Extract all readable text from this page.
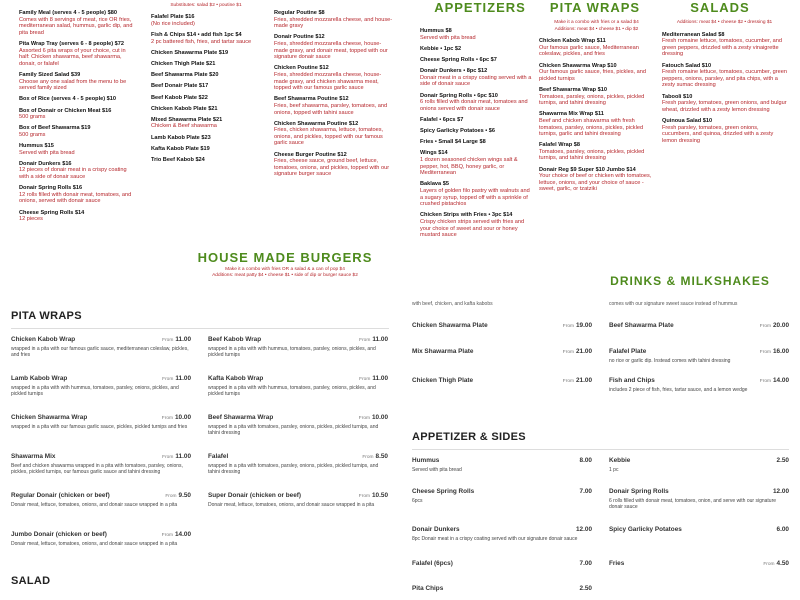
Family Meal (serves 4 - 5 people) $80
Comes with 8 servings of meat, rice OR fries, mediterranean salad, hummus, garlic dip, and pita bread
Pita Wrap Tray (serves 6 - 8 people) $72
Assorted 6 pita wraps of your choice, cut in half: Chicken shawarma, beef shawarma, donair, or falafel
Family Sized Salad $39
Choose any one salad from the menu to be served family sized
Box of Rice (serves 4 - 5 people) $10
Box of Donair or Chicken Meat $16
500 grams
Box of Beef Shawarma $19
500 grams
Hummus $15
Served with pita bread
Donair Dunkers $16
12 pieces of donair meat in a crispy coating with a side of donair sauce
Donair Spring Rolls $16
12 rolls filled with donair meat, tomatoes, and onions, served with donair sauce
Cheese Spring Rolls $14
12 pieces
Substitutes: salad $2 • poutine $1
Falafel Plate $16
(No rice included)
Fish & Chips $14 • add fish 1pc $4
2 pc battered fish, fries, and tartar sauce
Chicken Shawarma Plate $19
Chicken Thigh Plate $21
Beef Shawarma Plate $20
Beef Donair Plate $17
Beef Kabob Plate $22
Chicken Kabob Plate $21
Mixed Shawarma Plate $21
Chicken & Beef shawarma
Lamb Kabob Plate $23
Kafta Kabob Plate $19
Trio Beef Kabob $24
Regular Poutine $8
Fries, shredded mozzarella cheese, and house-made gravy
Donair Poutine $12
Fries, shredded mozzarella cheese, house-made gravy, and donair meat, topped with our signature donair sauce
Chicken Poutine $12
Fries, shredded mozzarella cheese, house-made gravy, and chicken shawarma meat, topped with our famous garlic sauce
Beef Shawarma Poutine $12
Fries, beef shawarma, parsley, tomatoes, and onions, topped with tahini sauce
Chicken Shawarma Poutine $12
Fries, chicken shawarma, lettuce, tomatoes, onions, and pickles, topped with our famous garlic sauce
Cheese Burger Poutine $12
Fries, cheese sauce, ground beef, lettuce, tomatoes, onions, and pickles, topped with our signature burger sauce
HOUSE MADE BURGERS
Make it a combo with fries OR a salad & a can of pop $4
Additions: meat patty $4 • cheese $1 • side of dip or burger sauce $2
APPETIZERS
Hummus $8
Served with pita bread
Kebbie • 1pc $2
Cheese Spring Rolls • 6pc $7
Donair Dunkers • 8pc $12
Donair meat in a crispy coating served with a side of donair sauce
Donair Spring Rolls • 6pc $10
6 rolls filled with donair meat, tomatoes and onions served with donair sauce
Falafel • 6pcs $7
Spicy Garlicky Potatoes • $6
Fries • Small $4 Large $8
Wings $14
1 dozen seasoned chicken wings salt & pepper, hot, BBQ, honey garlic, or Mediterranean
Baklava $5
Layers of golden filo pastry with walnuts and a sugary syrup, topped off with a sprinkle of crushed pistachios
Chicken Strips with Fries • 3pc $14
Crispy chicken strips served with fries and your choice of sweet and sour or honey mustard sauce
PITA WRAPS
Make it a combo with fries or a salad $4
Additions: meat $4 • cheese $1 • dip $2
Chicken Kabob Wrap $11
Our famous garlic sauce, Mediterranean coleslaw, pickles, and fries
Chicken Shawarma Wrap $10
Our famous garlic sauce, fries, pickles, and pickled turnips
Beef Shawarma Wrap $10
Tomatoes, parsley, onions, pickles, pickled turnips, and tahini dressing
Shawarma Mix Wrap $11
Beef and chicken shawarma with fresh tomatoes, parsley, onions, pickles, pickled turnips, garlic and tahini dressing
Falafel Wrap $8
Tomatoes, parsley, onions, pickles, pickled turnips, and tahini dressing
Donair Reg $9 Super $10 Jumbo $14
Your choice of beef or chicken with tomatoes, lettuce, onions, and your choice of sauce - sweet, garlic, or tzatziki
SALADS
Additions: meat $4 • cheese $2 • dressing $1
Mediterranean Salad $8
Fresh romaine lettuce, tomatoes, cucumber, and green peppers, drizzled with a zesty vinaigrette dressing
Fatouch Salad $10
Fresh romaine lettuce, tomatoes, cucumber, green peppers, onions, parsley, and pita chips, with a zesty sumac dressing
Tabooli $10
Fresh parsley, tomatoes, green onions, and bulgur wheat, drizzled with a zesty lemon dressing
Quinoua Salad $10
Fresh parsley, tomatoes, green onions, cucumbers, and quinoa, drizzled with a zesty lemon dressing
DRINKS & MILKSHAKES
PITA WRAPS
SALAD
APPETIZER & SIDES
with beef, chicken, and kafta kabobs	comes with our signature sweet sauce instead of hummus
Chicken Kabob Wrap	From 11.00
wrapped in a pita with our famous garlic sauce, mediterranean coleslaw, pickles, and fries
Lamb Kabob Wrap	From 11.00
wrapped in a pita with with hummus, tomatoes, parsley, onions, pickles, and pickled turnips
Chicken Shawarma Wrap	From 10.00
wrapped in a pita with our famous garlic sauce, pickles, pickled turnips and fries
Shawarma Mix	From 11.00
Beef and chicken shawarma wrapped in a pita with tomatoes, parsley, onions, pickles, pickled turnips, our famous garlic sauce and tahini dressing
Regular Donair (chicken or beef)	From 9.50
Donair meat, lettuce, tomatoes, onions, and donair sauce wrapped in a pita
Jumbo Donair (chicken or beef)	From 14.00
Donair meat, lettuce, tomatoes, onions, and donair sauce wrapped in a pita
Beef Kabob Wrap	From 11.00
wrapped in a pita with with hummus, tomatoes, parsley, onions, pickles, and pickled turnips
Kafta Kabob Wrap	From 11.00
wrapped in a pita with with hummus, tomatoes, parsley, onions, pickles, and pickled turnips
Beef Shawarma Wrap	From 10.00
wrapped in a pita with tomatoes, parsley, onions, pickles, pickled turnips, and tahini dressing
Falafel	From 8.50
wrapped in a pita with tomatoes, parsley, onions, pickles, pickled turnips, and tahini dressing
Super Donair (chicken or beef)	From 10.50
Donair meat, lettuce, tomatoes, onions, and donair sauce wrapped in a pita
Chicken Shawarma Plate	From 19.00
Mix Shawarma Plate	From 21.00
Chicken Thigh Plate	From 21.00
Beef Shawarma Plate	From 20.00
Falafel Plate	From 16.00
no rice or garlic dip. Instead comes with tahini dressing
Fish and Chips	From 14.00
includes 2 piece of fish, fries, tartar sauce, and a lemon wedge
Hummus	8.00
Served with pita bread
Cheese Spring Rolls	7.00
6pcs
Donair Dunkers	12.00
8pc Donair meat in a crispy coating served with our signature donair sauce
Falafel (6pcs)	7.00
Pita Chips	2.50
Kebbie	2.50
1 pc
Donair Spring Rolls	12.00
6 rolls filled with donair meat, tomatoes, onion, and serve with our signature donair sauce
Spicy Garlicky Potatoes	6.00
Fries	From 4.50
